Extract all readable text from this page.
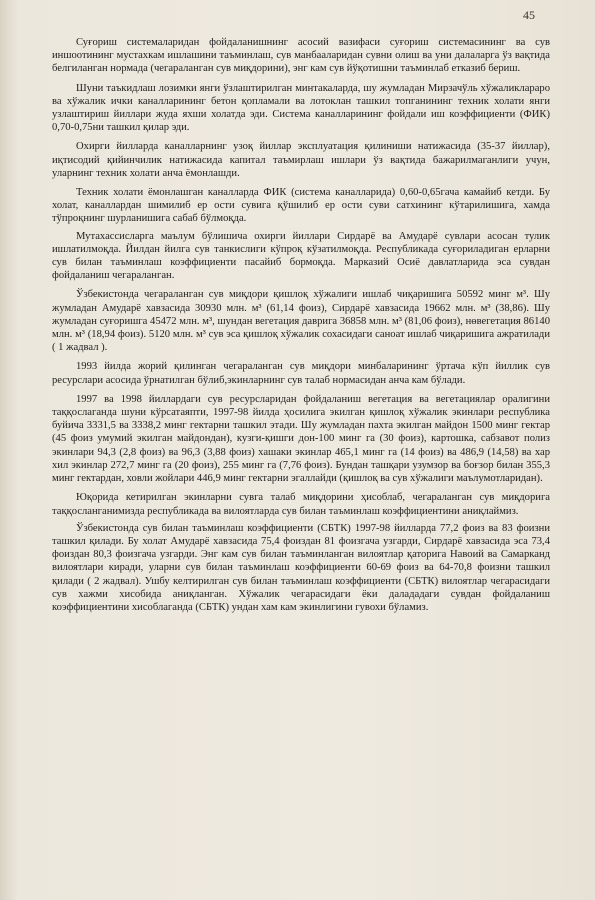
45

Суғориш системаларидан фойдаланишнинг асосий вазифаси суғориш системасининг ва сув иншоотининг мустахкам ишлашини таъминлаш, сув манбааларидан сувни олиш ва уни далаларга ўз вақтида белгиланган нормада (чегараланган сув миқдорини), энг кам сув йўқотишни таъминлаб етказиб бериш.

Шуни таъкидлаш лозимки янги ўзлаштирилган минтакаларда, шу жумладан Мирзачўль хўжаликлараро ва хўжалик ички каналларининг бетон қопламали ва лотоклан ташкил топганининг техник холати янги узлаштириш йиллари жуда яхши холатда эди. Система каналларининг фойдали иш коэффициенти (ФИК) 0,70-0,75ни ташкил қилар эди.

Охирги йилларда каналларнинг узоқ йиллар эксплуатация қилиниши натижасида (35-37 йиллар), иқтисодий қийинчилик натижасида капитал таъмирлаш ишлари ўз вақтида бажарилмаганлиги учун, уларнинг техник холати анча ёмонлашди.

Техник холати ёмонлашган каналларда ФИК (система каналларида) 0,60-0,65гача камайиб кетди. Бу холат, каналлардан шимилиб ер ости сувига қўшилиб ер ости суви сатхининг кўтарилишига, хамда тўпроқнинг шурланишига сабаб бўлмоқда.

Мутахассисларга маълум бўлишича охирги йиллари Сирдарё ва Амударё сувлари асосан тулик ишлатилмоқда. Йилдан йилга сув танкислиги кўпроқ кўзатилмоқда. Республикада суғориладиган ерларни сув билан таъминлаш коэффициенти пасайиб бормоқда. Марказий Осиё давлатларида эса сувдан фойдаланиш чегараланган.

Ўзбекистонда чегараланган сув миқдори қишлоқ хўжалиги ишлаб чиқаришига 50592 минг м³. Шу жумладан Амударё хавзасида 30930 млн. м³ (61,14 фоиз), Сирдарё хавзасида 19662 млн. м³ (38,86). Шу жумладан суғоришга 45472 млн. м³, шундан вегетация даврига 36858 млн. м³ (81,06 фоиз), нөвегетация 86140 млн. м³ (18,94 фоиз). 5120 млн. м³ сув эса қишлоқ хўжалик сохасидаги саноат ишлаб чиқаришига ажратилади ( 1 жадвал ).

1993 йилда жорий қилинган чегараланган сув миқдори минбаларининг ўртача кўп йиллик сув ресурслари асосида ўрнатилган бўлиб,экинларнинг сув талаб нормасидан анча кам бўлади.

1997 ва 1998 йиллардаги сув ресурсларидан фойдаланиш вегетация ва вегетациялар оралигини таққослаганда шуни кўрсатаяпти, 1997-98 йилда ҳосилига экилган қишлоқ хўжалик экинлари республика буйича 3331,5 ва 3338,2 минг гектарни ташкил этади. Шу жумладан пахта экилган майдон 1500 минг гектар (45 фоиз умумий экилган майдондан), кузги-қишги дон-100 минг га (30 фоиз), картошка, сабзавот полиз экинлари 94,3 (2,8 фоиз) ва 96,3 (3,88 фоиз) хашаки экинлар 465,1 минг га (14 фоиз) ва 486,9 (14,58) ва хар хил экинлар 272,7 минг га (20 фоиз), 255 минг га (7,76 фоиз). Бундан ташқари узумзор ва боғзор билан 355,3 минг гектардан, ховли жойлари 446,9 минг гектарни эгаллайди (қишлоқ ва сув хўжалиги маълумотларидан).

Юқорида кетирилган экинларни сувга талаб миқдорини ҳисоблаб, чегараланган сув миқдорига таққосланганимизда республикада ва вилоятларда сув билан таъминлаш коэффициентини аниқлаймиз.

Ўзбекистонда сув билан таъминлаш коэффициенти (СБТК) 1997-98 йилларда 77,2 фоиз ва 83 фоизни ташкил қилади. Бу холат Амударё хавзасида 75,4 фоиздан 81 фоизгача узгарди, Сирдарё хавзасида эса 73,4 фоиздан 80,3 фоизгача узгарди. Энг кам сув билан таъминланган вилоятлар қаторига Навоий ва Самарканд вилоятлари киради, уларни сув билан таъминлаш коэффициенти 60-69 фоиз ва 64-70,8 фоизни ташкил қилади ( 2 жадвал). Ушбу келтирилган сув билан таъминлаш коэффициенти (СБТК) вилоятлар чегарасидаги сув хажми хисобида аниқланган. Хўжалик чегарасидаги ёки далададаги сувдан фойдаланиш коэффициентини хисоблаганда (СБТК) ундан хам кам экинлигини гувохи бўламиз.
